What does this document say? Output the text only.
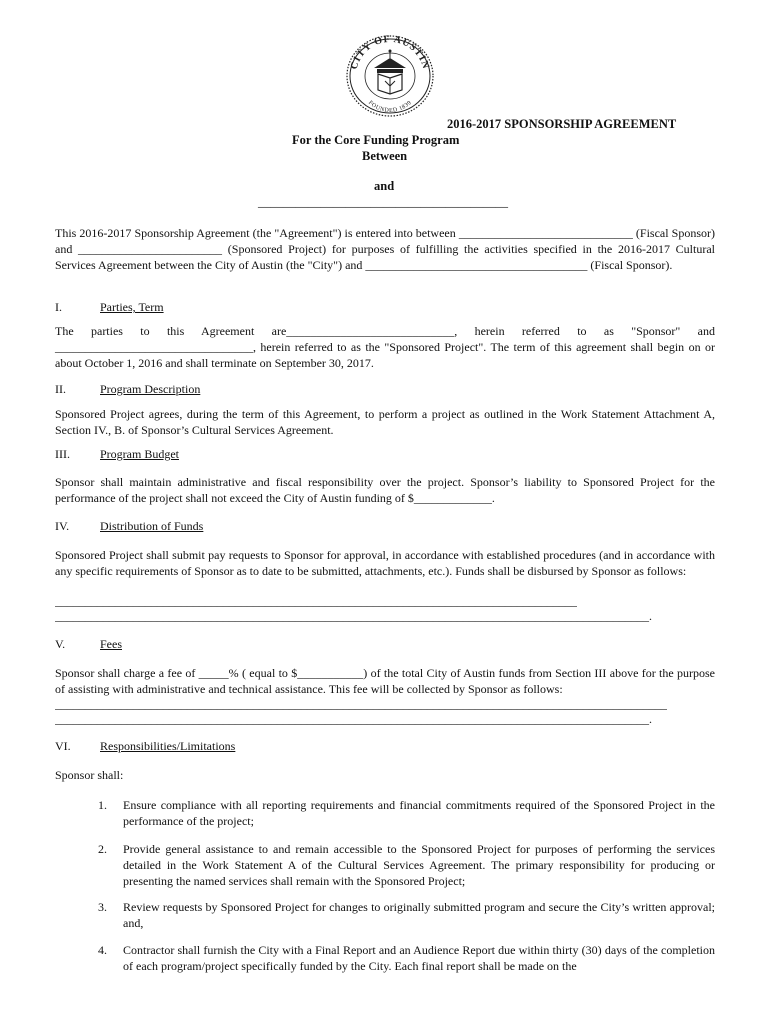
CITY OF AUSTIN
FOUNDED 1839
2016-2017 SPONSORSHIP AGREEMENT
For the Core Funding Program
Between
and
________________________________________

This 2016-2017 Sponsorship Agreement (the "Agreement") is entered into between _____________________________ (Fiscal Sponsor) and ________________________ (Sponsored Project) for purposes of fulfilling the activities specified in the 2016-2017 Cultural Services Agreement between the City of Austin (the "City") and _____________________________________ (Fiscal Sponsor).

I.	Parties, Term

The parties to this Agreement are____________________________, herein referred to as "Sponsor" and _________________________________, herein referred to as the "Sponsored Project". The term of this agreement shall begin on or about October 1, 2016 and shall terminate on September 30, 2017.

II.	Program Description

Sponsored Project agrees, during the term of this Agreement, to perform a project as outlined in the Work Statement Attachment A, Section IV., B. of Sponsor’s Cultural Services Agreement.

III.	Program Budget

Sponsor shall maintain administrative and fiscal responsibility over the project. Sponsor’s liability to Sponsored Project for the performance of the project shall not exceed the City of Austin funding of $_____________.

IV.	Distribution of Funds

Sponsored Project shall submit pay requests to Sponsor for approval, in accordance with established procedures (and in accordance with any specific requirements of Sponsor as to date to be submitted, attachments, etc.). Funds shall be disbursed by Sponsor as follows:

_______________________________________________________________________________________
___________________________________________________________________________________________________.
V.	Fees

Sponsor shall charge a fee of _____% ( equal to $___________) of the total City of Austin funds from Section III above for the purpose of assisting with administrative and technical assistance. This fee will be collected by Sponsor as follows:

______________________________________________________________________________________________________
___________________________________________________________________________________________________.
VI. Responsibilities/Limitations

Sponsor shall:

1. Ensure compliance with all reporting requirements and financial commitments required of the Sponsored Project in the performance of the project;
2. Provide general assistance to and remain accessible to the Sponsored Project for purposes of performing the services detailed in the Work Statement A of the Cultural Services Agreement. The primary responsibility for producing or presenting the named services shall remain with the Sponsored Project;
3. Review requests by Sponsored Project for changes to originally submitted program and secure the City’s written approval; and,
4. Contractor shall furnish the City with a Final Report and an Audience Report due within thirty (30) days of the completion of each program/project specifically funded by the City. Each final report shall be made on the
